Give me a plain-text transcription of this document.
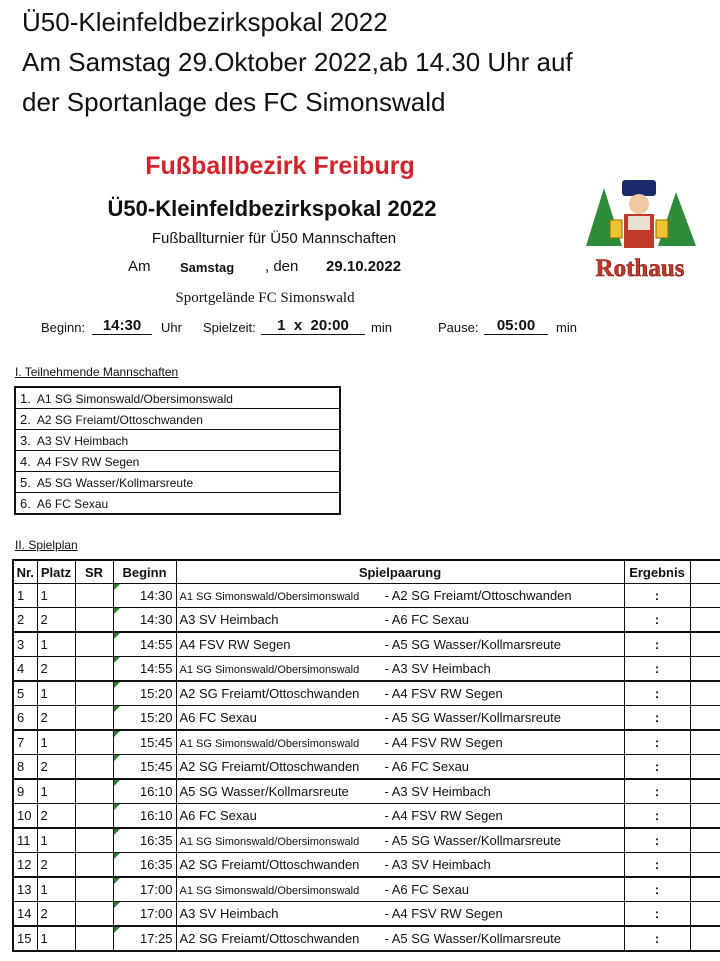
Ü50-Kleinfeldbezirkspokal 2022
Am Samstag 29.Oktober 2022,ab 14.30 Uhr auf
der Sportanlage des FC Simonswald
Fußballbezirk Freiburg
Ü50-Kleinfeldbezirkspokal 2022
Fußballturnier für Ü50 Mannschaften
Am Samstag , den 29.10.2022
Sportgelände FC Simonswald
Beginn:	14:30	Uhr Spielzeit:	1  x  20:00	min	Pause:	05:00	min
Rothaus
I. Teilnehmende Mannschaften
1. A1 SG Simonswald/Obersimonswald
2. A2 SG Freiamt/Ottoschwanden
3. A3 SV Heimbach
4. A4 FSV RW Segen
5. A5 SG Wasser/Kollmarsreute
6. A6 FC Sexau
II. Spielplan
Nr.	Platz	SR	Beginn	Spielpaarung	Ergebnis	
1	1		14:30	A1 SG Simonswald/Obersimonswald - A2 SG Freiamt/Ottoschwanden	:	
2	2		14:30	A3 SV Heimbach - A6 FC Sexau	:	
3	1		14:55	A4 FSV RW Segen - A5 SG Wasser/Kollmarsreute	:	
4	2		14:55	A1 SG Simonswald/Obersimonswald - A3 SV Heimbach	:	
5	1		15:20	A2 SG Freiamt/Ottoschwanden - A4 FSV RW Segen	:	
6	2		15:20	A6 FC Sexau - A5 SG Wasser/Kollmarsreute	:	
7	1		15:45	A1 SG Simonswald/Obersimonswald - A4 FSV RW Segen	:	
8	2		15:45	A2 SG Freiamt/Ottoschwanden - A6 FC Sexau	:	
9	1		16:10	A5 SG Wasser/Kollmarsreute - A3 SV Heimbach	:	
10	2		16:10	A6 FC Sexau - A4 FSV RW Segen	:	
11	1		16:35	A1 SG Simonswald/Obersimonswald - A5 SG Wasser/Kollmarsreute	:	
12	2		16:35	A2 SG Freiamt/Ottoschwanden - A3 SV Heimbach	:	
13	1		17:00	A1 SG Simonswald/Obersimonswald - A6 FC Sexau	:	
14	2		17:00	A3 SV Heimbach - A4 FSV RW Segen	:	
15	1		17:25	A2 SG Freiamt/Ottoschwanden - A5 SG Wasser/Kollmarsreute	:	
